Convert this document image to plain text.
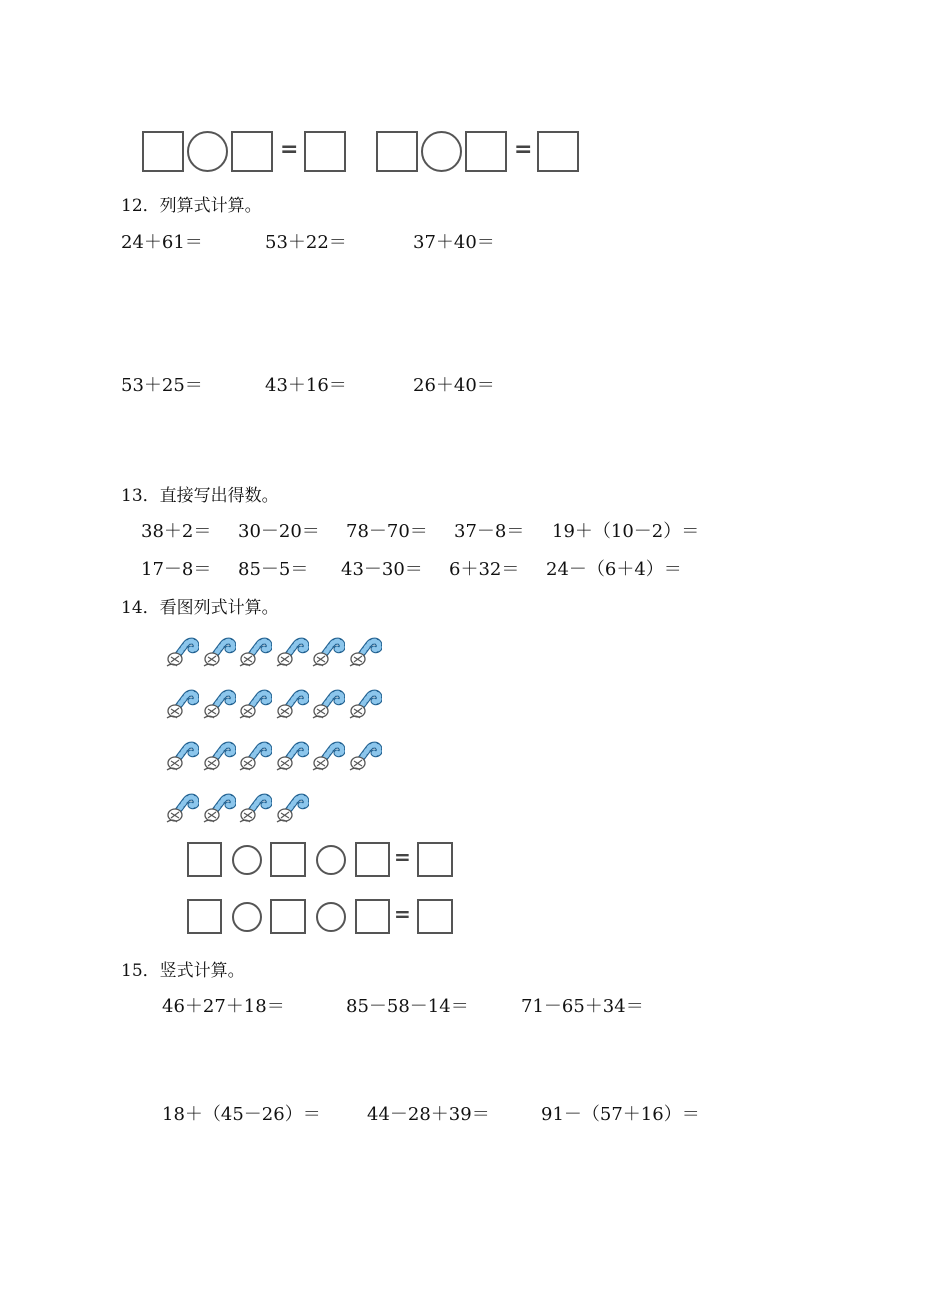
=	=
12．列算式计算。
24＋61＝	53＋22＝	37＋40＝
53＋25＝	43＋16＝	26＋40＝
13．直接写出得数。
38＋2＝ 30－20＝ 78－70＝ 37－8＝ 19＋（10－2）＝
17－8＝ 85－5＝ 43－30＝ 6＋32＝ 24－（6＋4）＝
14．看图列式计算。
=
=
15．竖式计算。
46＋27＋18＝	85－58－14＝	71－65＋34＝
18＋（45－26）＝	44－28＋39＝	91－（57＋16）＝
